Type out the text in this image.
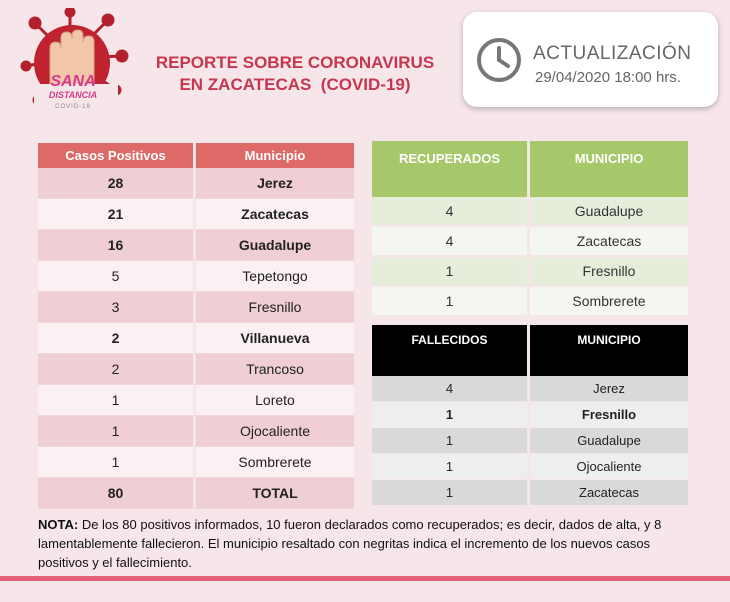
SANA
DISTANCIA
COVID-19
REPORTE SOBRE CORONAVIRUS
EN ZACATECAS  (COVID-19)
ACTUALIZACIÓN
29/04/2020 18:00 hrs.
Casos Positivos	Municipio
28	Jerez
21	Zacatecas
16	Guadalupe
5	Tepetongo
3	Fresnillo
2	Villanueva
2	Trancoso
1	Loreto
1	Ojocaliente
1	Sombrerete
80	TOTAL
RECUPERADOS	MUNICIPIO
4	Guadalupe
4	Zacatecas
1	Fresnillo
1	Sombrerete
FALLECIDOS	MUNICIPIO
4	Jerez
1	Fresnillo
1	Guadalupe
1	Ojocaliente
1	Zacatecas
NOTA: De los 80 positivos informados, 10 fueron declarados como recuperados; es decir, dados de alta, y 8 lamentablemente fallecieron. El municipio resaltado con negritas indica el incremento de los nuevos casos positivos y el fallecimiento.
